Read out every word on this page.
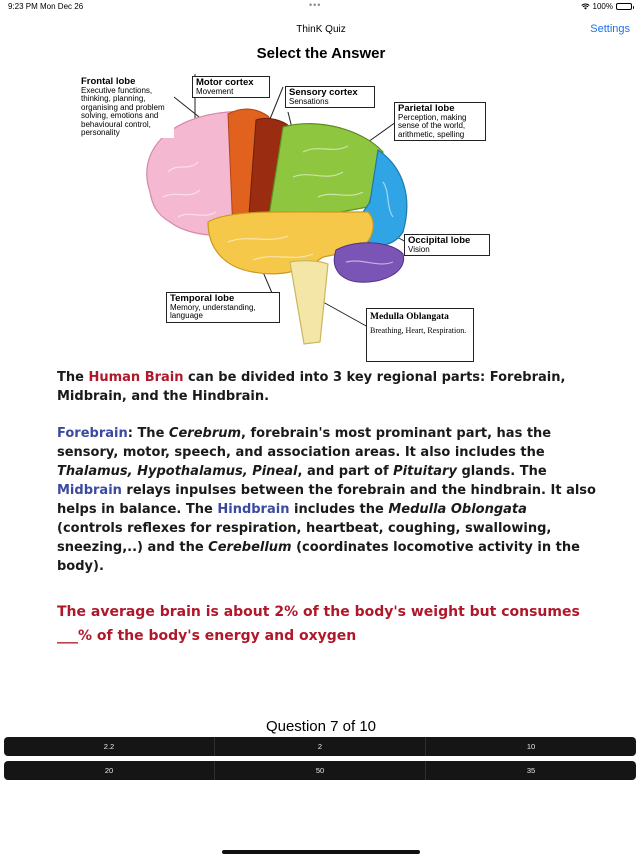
9:23 PM Mon Dec 26	•••	100%
ThinK Quiz	Settings
Select the Answer
Frontal lobe
Executive functions, thinking, planning, organising and problem solving, emotions and behavioural control, personality
Motor cortex
Movement	Sensory cortex
Sensations
Parietal lobe
Perception, making sense of the world, arithmetic, spelling
Occipital lobe
Vision
Temporal lobe
Memory, understanding, language	Medulla Oblangata
Breathing, Heart, Respiration.
The Human Brain can be divided into 3 key regional parts: Forebrain, Midbrain, and the Hindbrain.
Forebrain: The Cerebrum, forebrain's most prominant part, has the sensory, motor, speech, and association areas. It also includes the Thalamus, Hypothalamus, Pineal, and part of Pituitary glands. The Midbrain relays inpulses between the forebrain and the hindbrain. It also helps in balance. The Hindbrain includes the Medulla Oblongata (controls reflexes for respiration, heartbeat, coughing, swallowing, sneezing,..) and the Cerebellum (coordinates locomotive activity in the body).
The average brain is about 2% of the body's weight but consumes ___% of the body's energy and oxygen
Question 7 of 10
2.2	2	10
20	50	35
